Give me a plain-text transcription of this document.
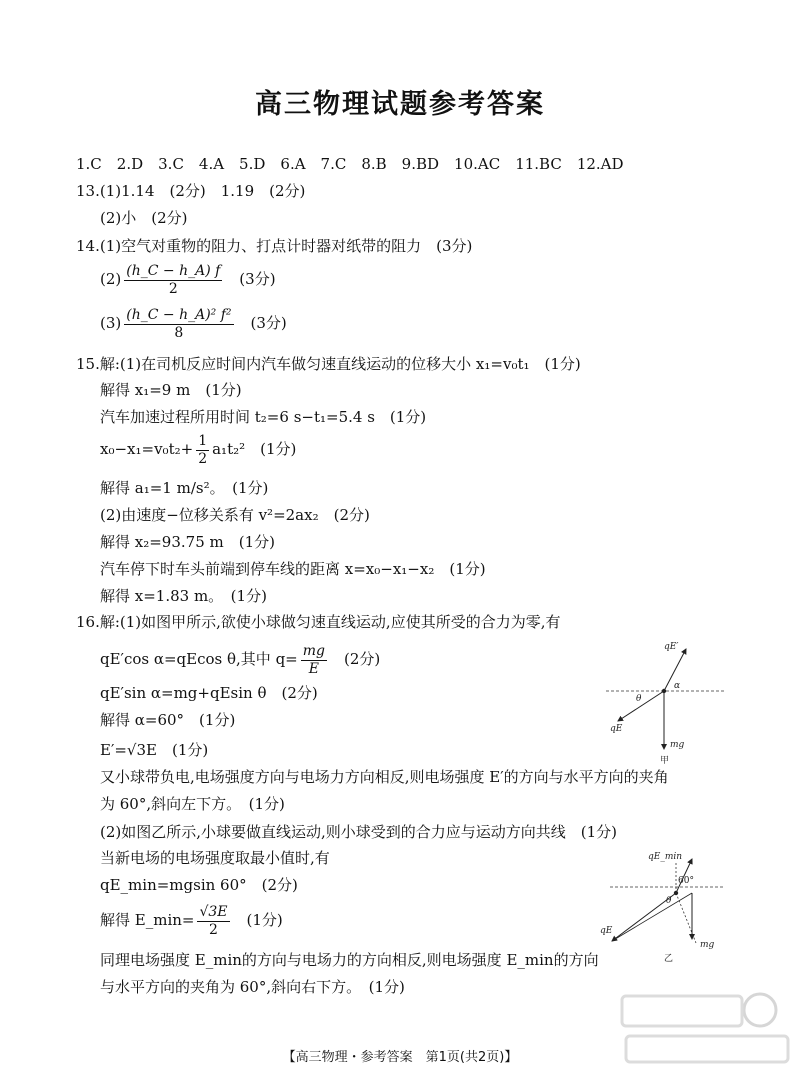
高三物理试题参考答案
1.C　2.D　3.C　4.A　5.D　6.A　7.C　8.B　9.BD　10.AC　11.BC　12.AD
13.(1)1.14　(2分)　1.19　(2分)
(2)小　(2分)
14.(1)空气对重物的阻力、打点计时器对纸带的阻力　(3分)
$(2) \frac{(h\_C - h\_A) f}{2} (3$分)
$(3) \frac{\text{(h\_C − h\_A)² f²}}{8} (3$分)
15.解:(1)在司机反应时间内汽车做匀速直线运动的位移大小 x₁=v₀t₁　(1分)
解得 x₁=9 m　(1分)
汽车加速过程所用时间 t₂=6 s−t₁=5.4 s　(1分)
$x_0-x_1=v_0t_2+ \frac{1}{2} a_1t_2^2$　(1分)
解得 a₁=1 m/s²。　(1分)
(2)由速度−位移关系有 v²=2ax₂　(2分)
解得 x₂=93.75 m　(1分)
汽车停下时车头前端到停车线的距离 x=x₀−x₁−x₂　(1分)
解得 x=1.83 m。　(1分)
16.解:(1)如图甲所示,欲使小球做匀速直线运动,应使其所受的合力为零,有
qE′cos α=qEcos θ,其中 $q= \frac{mg}{E} (2$分)
qE′sin α=mg+qEsin θ　(2分)
解得 α=60°　(1分)
E′=√3E　(1分)
又小球带负电,电场强度方向与电场力方向相反,则电场强度 E′的方向与水平方向的夹角
为 60°,斜向左下方。　(1分)
(2)如图乙所示,小球要做直线运动,则小球受到的合力应与运动方向共线　(1分)
当新电场的电场强度取最小值时,有
qE_min=mgsin 60°　(2分)
解得 E_min= $\frac{√3E}{2} (1$分)
同理电场强度 E_min的方向与电场力的方向相反,则电场强度 E_min的方向
与水平方向的夹角为 60°,斜向右下方。　(1分)
qE′
α
θ
qE
mg
甲
qE_min
60°
θ
qE
mg
乙
【高三物理・参考答案　第1页(共2页)】
